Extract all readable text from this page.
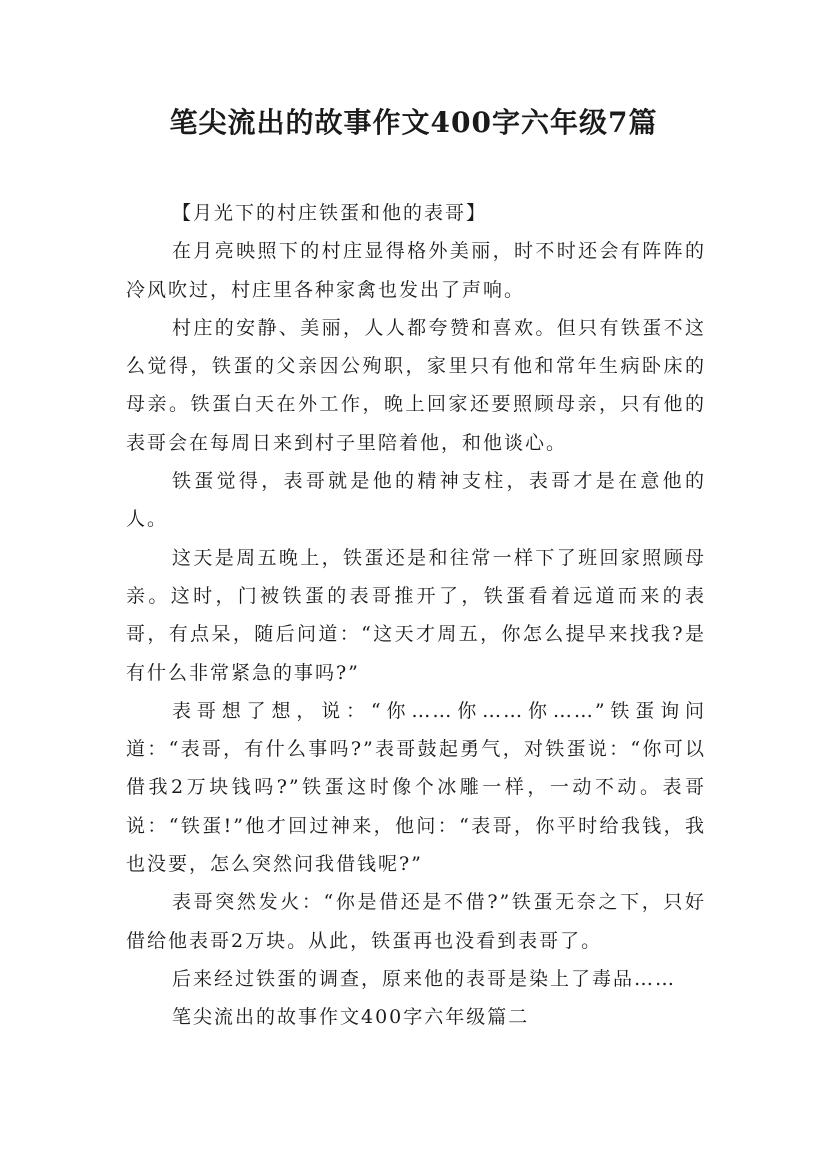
笔尖流出的故事作文400字六年级7篇

【月光下的村庄铁蛋和他的表哥】

在月亮映照下的村庄显得格外美丽，时不时还会有阵阵的冷风吹过，村庄里各种家禽也发出了声响。

村庄的安静、美丽，人人都夸赞和喜欢。但只有铁蛋不这么觉得，铁蛋的父亲因公殉职，家里只有他和常年生病卧床的母亲。铁蛋白天在外工作，晚上回家还要照顾母亲，只有他的表哥会在每周日来到村子里陪着他，和他谈心。

铁蛋觉得，表哥就是他的精神支柱，表哥才是在意他的人。

这天是周五晚上，铁蛋还是和往常一样下了班回家照顾母亲。这时，门被铁蛋的表哥推开了，铁蛋看着远道而来的表哥，有点呆，随后问道：“这天才周五，你怎么提早来找我?是有什么非常紧急的事吗?”

表哥想了想，说：“你……你……你……”铁蛋询问道：“表哥，有什么事吗?”表哥鼓起勇气，对铁蛋说：“你可以借我2万块钱吗?”铁蛋这时像个冰雕一样，一动不动。表哥说：“铁蛋!”他才回过神来，他问：“表哥，你平时给我钱，我也没要，怎么突然问我借钱呢?”

表哥突然发火：“你是借还是不借?”铁蛋无奈之下，只好借给他表哥2万块。从此，铁蛋再也没看到表哥了。

后来经过铁蛋的调查，原来他的表哥是染上了毒品……

笔尖流出的故事作文400字六年级篇二
